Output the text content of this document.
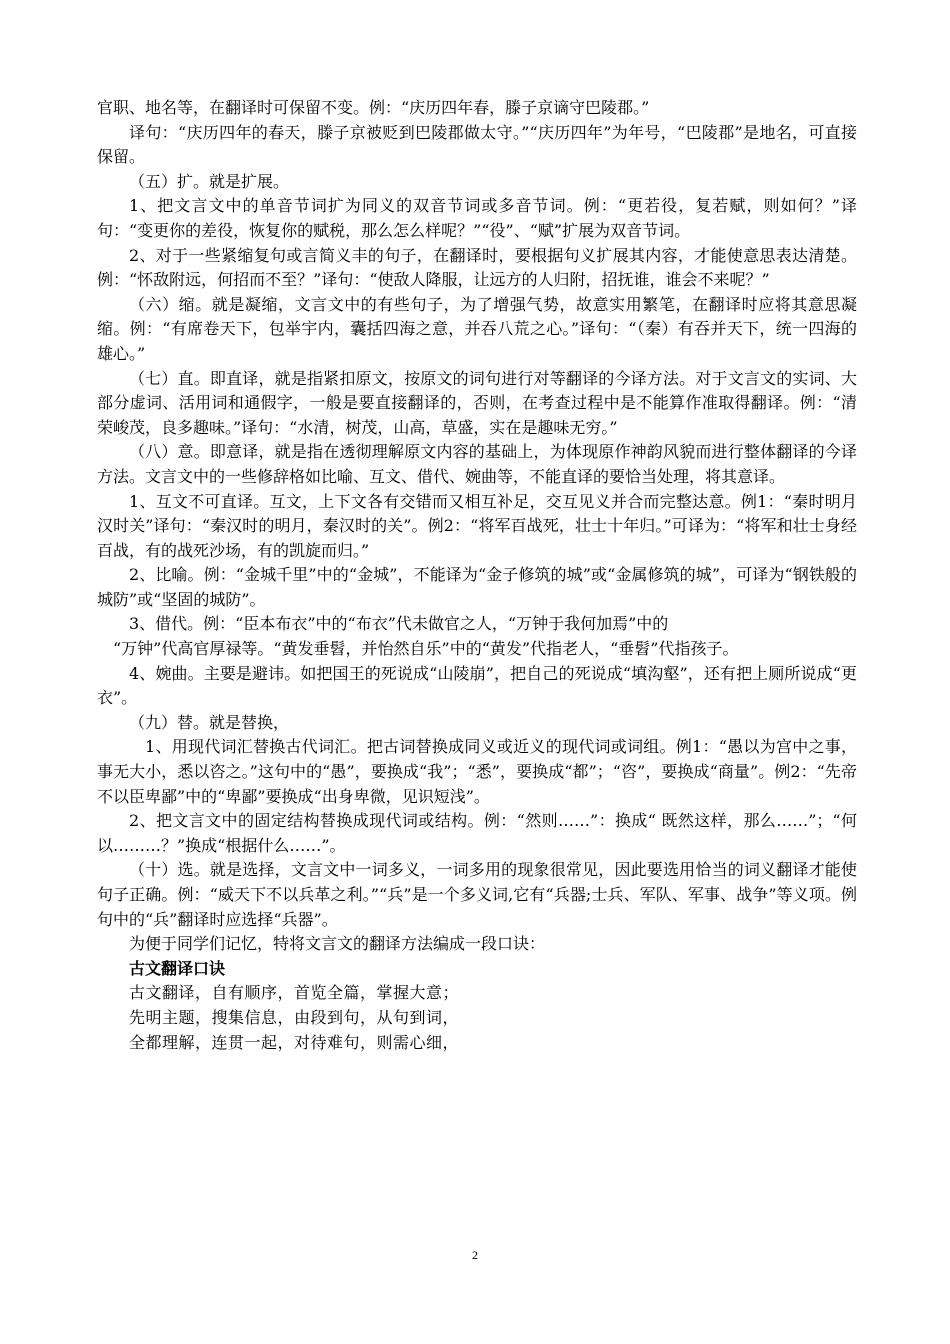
官职、地名等，在翻译时可保留不变。例：“庆历四年春，滕子京谪守巴陵郡。”

译句：“庆历四年的春天，滕子京被贬到巴陵郡做太守。”“庆历四年”为年号，“巴陵郡”是地名，可直接保留。

（五）扩。就是扩展。

1、把文言文中的单音节词扩为同义的双音节词或多音节词。例：“更若役，复若赋，则如何？”译句：“变更你的差役，恢复你的赋税，那么怎么样呢？”“役”、“赋”扩展为双音节词。

2、对于一些紧缩复句或言简义丰的句子，在翻译时，要根据句义扩展其内容，才能使意思表达清楚。例：“怀敌附远，何招而不至？”译句：“使敌人降服，让远方的人归附，招抚谁，谁会不来呢？”

（六）缩。就是凝缩，文言文中的有些句子，为了增强气势，故意实用繁笔，在翻译时应将其意思凝缩。例：“有席卷天下，包举宇内，囊括四海之意，并吞八荒之心。”译句：“（秦）有吞并天下，统一四海的雄心。”

（七）直。即直译，就是指紧扣原文，按原文的词句进行对等翻译的今译方法。对于文言文的实词、大部分虚词、活用词和通假字，一般是要直接翻译的，否则，在考查过程中是不能算作准取得翻译。例：“清荣峻茂，良多趣味。”译句：“水清，树茂，山高，草盛，实在是趣味无穷。”

（八）意。即意译，就是指在透彻理解原文内容的基础上，为体现原作神韵风貌而进行整体翻译的今译方法。文言文中的一些修辞格如比喻、互文、借代、婉曲等，不能直译的要恰当处理，将其意译。

1、互文不可直译。互文，上下文各有交错而又相互补足，交互见义并合而完整达意。例1：“秦时明月汉时关”译句：“秦汉时的明月，秦汉时的关”。例2：“将军百战死，壮士十年归。”可译为：“将军和壮士身经百战，有的战死沙场，有的凯旋而归。”

2、比喻。例：“金城千里”中的“金城”，不能译为“金子修筑的城”或“金属修筑的城”，可译为“钢铁般的城防”或“坚固的城防”。

3、借代。例：“臣本布衣”中的“布衣”代未做官之人，“万钟于我何加焉”中的

　“万钟”代高官厚禄等。“黄发垂髫，并怡然自乐”中的“黄发”代指老人，“垂髫”代指孩子。

4、婉曲。主要是避讳。如把国王的死说成“山陵崩”，把自己的死说成“填沟壑”，还有把上厕所说成“更衣”。

（九）替。就是替换，

1、用现代词汇替换古代词汇。把古词替换成同义或近义的现代词或词组。例1：“愚以为宫中之事，事无大小，悉以咨之。”这句中的“愚”，要换成“我”；“悉”，要换成“都”；“咨”，要换成“商量”。例2：“先帝不以臣卑鄙”中的“卑鄙”要换成“出身卑微，见识短浅”。

2、把文言文中的固定结构替换成现代词或结构。例：“然则……”：换成“ 既然这样，那么……”；“何以………？”换成“根据什么……”。

（十）选。就是选择，文言文中一词多义，一词多用的现象很常见，因此要选用恰当的词义翻译才能使句子正确。例：“威天下不以兵革之利。”“兵”是一个多义词,它有“兵器;士兵、军队、军事、战争”等义项。例句中的“兵”翻译时应选择“兵器”。

为便于同学们记忆，特将文言文的翻译方法编成一段口诀：

古文翻译口诀

古文翻译，自有顺序，首览全篇，掌握大意；

先明主题，搜集信息，由段到句，从句到词，

全都理解，连贯一起，对待难句，则需心细，

2
